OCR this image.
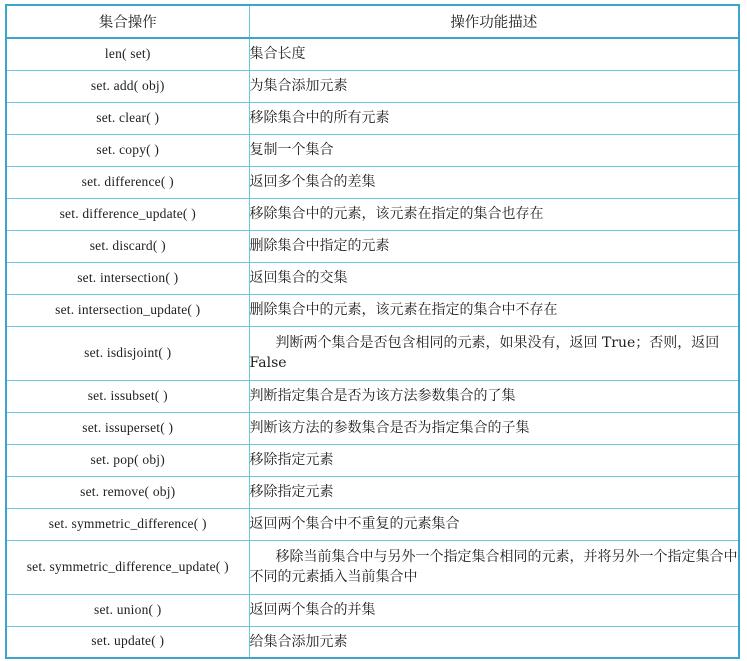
集合操作	操作功能描述
len( set)	集合长度
set. add( obj)	为集合添加元素
set. clear( )	移除集合中的所有元素
set. copy( )	复制一个集合
set. difference( )	返回多个集合的差集
set. difference_update( )	移除集合中的元素，该元素在指定的集合也存在
set. discard( )	删除集合中指定的元素
set. intersection( )	返回集合的交集
set. intersection_update( )	删除集合中的元素，该元素在指定的集合中不存在
set. isdisjoint( )	判断两个集合是否包含相同的元素，如果没有，返回 True；否则，返回 False
set. issubset( )	判断指定集合是否为该方法参数集合的了集
set. issuperset( )	判断该方法的参数集合是否为指定集合的子集
set. pop( obj)	移除指定元素
set. remove( obj)	移除指定元素
set. symmetric_difference( )	返回两个集合中不重复的元素集合
set. symmetric_difference_update( )	移除当前集合中与另外一个指定集合相同的元素，并将另外一个指定集合中不同的元素插入当前集合中
set. union( )	返回两个集合的并集
set. update( )	给集合添加元素
